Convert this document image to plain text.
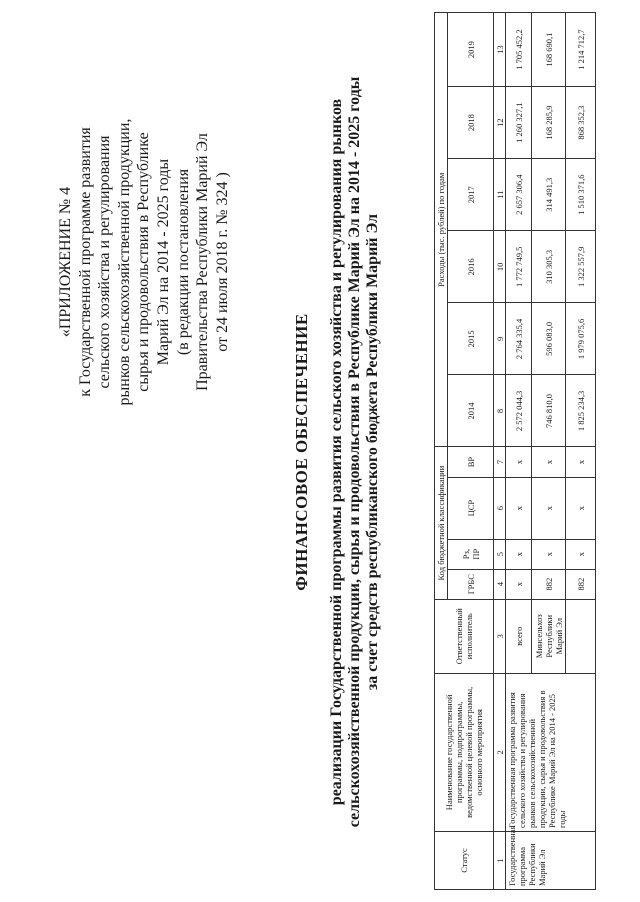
«ПРИЛОЖЕНИЕ № 4 к Государственной программе развития сельского хозяйства и регулирования рынков сельскохозяйственной продукции, сырья и продовольствия в Республике Марий Эл на 2014 - 2025 годы (в редакции постановления Правительства Республики Марий Эл от 24 июля 2018 г. № 324 )
ФИНАНСОВОЕ ОБЕСПЕЧЕНИЕ реализации Государственной программы развития сельского хозяйства и регулирования рынков сельскохозяйственной продукции, сырья и продовольствия в Республике Марий Эл на 2014 - 2025 годы за счет средств республиканского бюджета Республики Марий Эл
Статус	Наименование государственной программы, подпрограммы, ведомственной целевой программы, основного мероприятия	Ответственный исполнитель	Код бюджетной классификации				Расходы (тыс. рублей) по годам					
			ГРБС	Рз, ПР	ЦСР	ВР	2014	2015	2016	2017	2018	2019
1	2	3	4	5	6	7	8	9	10	11	12	13
Государственная программа Республики Марий Эл	Государственная программа развития сельского хозяйства и регулирования рынков сельскохозяйственной продукции, сырья и продовольствия в Республике Марий Эл на 2014 - 2025 годы	всего	х	х	х	х	2 572 044,3	2 764 335,4	1 772 749,5	2 657 306,4	1 260 327,1	1 705 452,2
		Минсельхоз Республики Марий Эл	882	х	х	х	746 810,0	596 083,0	310 305,3	314 491,3	168 285,9	168 690,1
			882	х	х	х	1 825 234,3	1 979 075,6	1 322 557,9	1 510 371,6	868 352,3	1 214 712,7
